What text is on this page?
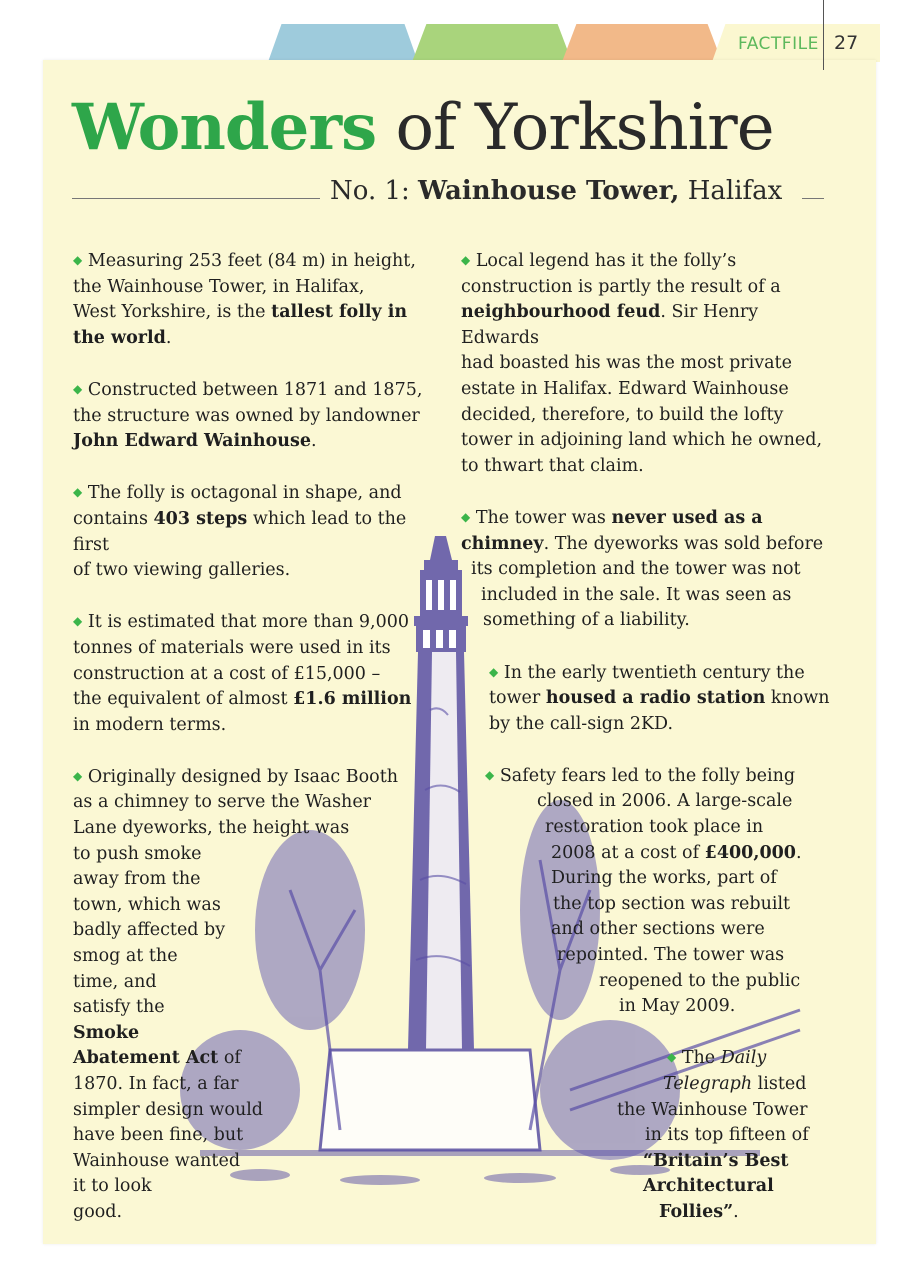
FACTFILE 27
Wonders of Yorkshire
No. 1: Wainhouse Tower, Halifax

◆ Measuring 253 feet (84 m) in height,
the Wainhouse Tower, in Halifax,
West Yorkshire, is the tallest folly in
the world.

◆ Constructed between 1871 and 1875,
the structure was owned by landowner
John Edward Wainhouse.

◆ The folly is octagonal in shape, and
contains 403 steps which lead to the first
of two viewing galleries.

◆ It is estimated that more than 9,000
tonnes of materials were used in its
construction at a cost of £15,000 –
the equivalent of almost £1.6 million
in modern terms.

◆ Originally designed by Isaac Booth
as a chimney to serve the Washer
Lane dyeworks, the height was
to push smoke
away from the
town, which was
badly affected by
smog at the
time, and
satisfy the
Smoke
Abatement Act of
1870. In fact, a far
simpler design would
have been fine, but
Wainhouse wanted
it to look
good.

◆ Local legend has it the folly’s
construction is partly the result of a
neighbourhood feud. Sir Henry Edwards
had boasted his was the most private
estate in Halifax. Edward Wainhouse
decided, therefore, to build the lofty
tower in adjoining land which he owned,
to thwart that claim.

◆ The tower was never used as a
chimney. The dyeworks was sold before
its completion and the tower was not
included in the sale. It was seen as
something of a liability.

◆ In the early twentieth century the
tower housed a radio station known
by the call-sign 2KD.

◆ Safety fears led to the folly being
closed in 2006. A large-scale
restoration took place in
2008 at a cost of £400,000.
During the works, part of
the top section was rebuilt
and other sections were
repointed. The tower was
reopened to the public
in May 2009.

◆ The Daily
Telegraph listed
the Wainhouse Tower
in its top fifteen of
“Britain’s Best
Architectural
Follies”.
